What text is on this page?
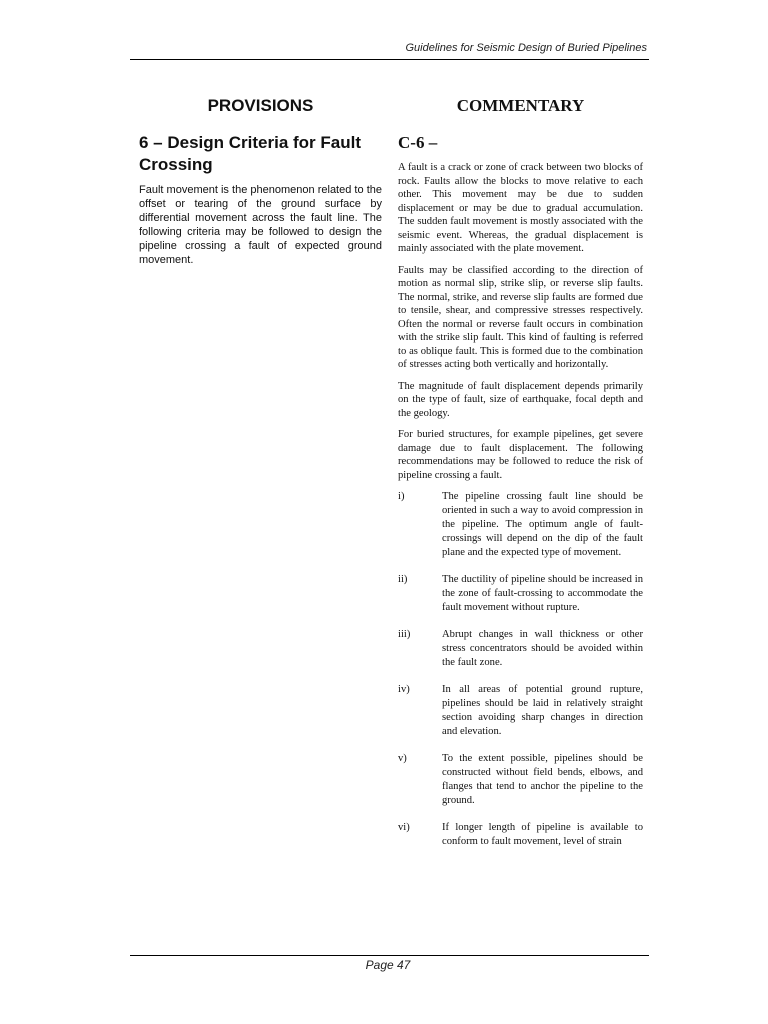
Guidelines for Seismic Design of Buried Pipelines
PROVISIONS
6 – Design Criteria for Fault Crossing

Fault movement is the phenomenon related to the offset or tearing of the ground surface by differential movement across the fault line. The following criteria may be followed to design the pipeline crossing a fault of expected ground movement.

COMMENTARY
C-6 –

A fault is a crack or zone of crack between two blocks of rock. Faults allow the blocks to move relative to each other. This movement may be due to sudden displacement or may be due to gradual accumulation. The sudden fault movement is mostly associated with the seismic event. Whereas, the gradual displacement is mainly associated with the plate movement.

Faults may be classified according to the direction of motion as normal slip, strike slip, or reverse slip faults. The normal, strike, and reverse slip faults are formed due to tensile, shear, and compressive stresses respectively. Often the normal or reverse fault occurs in combination with the strike slip fault. This kind of faulting is referred to as oblique fault. This is formed due to the combination of stresses acting both vertically and horizontally.

The magnitude of fault displacement depends primarily on the type of fault, size of earthquake, focal depth and the geology.

For buried structures, for example pipelines, get severe damage due to fault displacement. The following recommendations may be followed to reduce the risk of pipeline crossing a fault.

i)	The pipeline crossing fault line should be oriented in such a way to avoid compression in the pipeline. The optimum angle of fault-crossings will depend on the dip of the fault plane and the expected type of movement.
ii)	The ductility of pipeline should be increased in the zone of fault-crossing to accommodate the fault movement without rupture.
iii)	Abrupt changes in wall thickness or other stress concentrators should be avoided within the fault zone.
iv)	In all areas of potential ground rupture, pipelines should be laid in relatively straight section avoiding sharp changes in direction and elevation.
v)	To the extent possible, pipelines should be constructed without field bends, elbows, and flanges that tend to anchor the pipeline to the ground.
vi)	If longer length of pipeline is available to conform to fault movement, level of strain
Page 47
